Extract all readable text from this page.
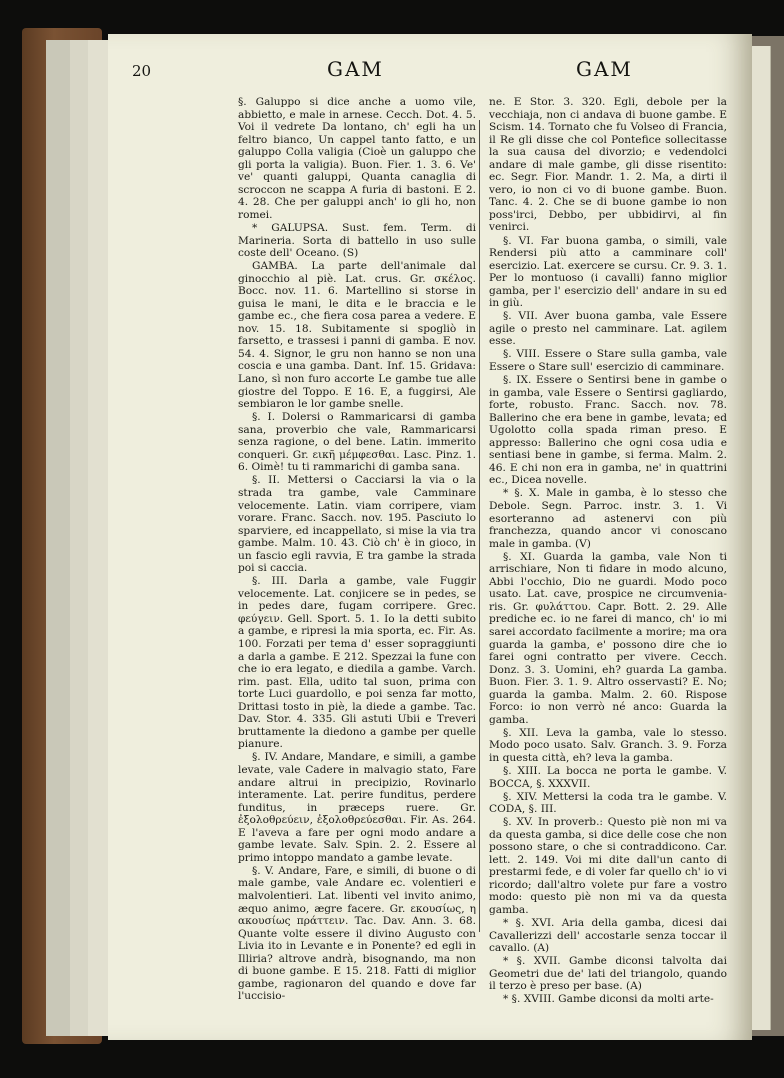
20	GAM	GAM

§. Galuppo si dice anche a uomo vile, abbietto, e male in arnese. Cecch. Dot. 4. 5. Voi il vedrete Da lontano, ch' egli ha un feltro bianco, Un cappel tanto fatto, e un galuppo Colla valigia (Cioè un galuppo che gli porta la valigia). Buon. Fier. 1. 3. 6. Ve' ve' quanti galuppi, Quanta canaglia di scroccon ne scappa A furia di bastoni. E 2. 4. 28. Che per galuppi anch' io gli ho, non romei.

* GALUPSA. Sust. fem. Term. di Marineria. Sorta di battello in uso sulle coste dell' Oceano. (S)

GAMBA. La parte dell'animale dal ginocchio al piè. Lat. crus. Gr. σκέλος. Bocc. nov. 11. 6. Martellino si storse in guisa le mani, le dita e le braccia e le gambe ec., che fiera cosa parea a vedere. E nov. 15. 18. Subitamente si spogliò in farsetto, e trassesi i panni di gamba. E nov. 54. 4. Signor, le gru non hanno se non una coscia e una gamba. Dant. Inf. 15. Gridava: Lano, sì non furo accorte Le gambe tue alle giostre del Toppo. E 16. E, a fuggirsi, Ale sembiaron le lor gambe snelle.

§. I. Dolersi o Rammaricarsi di gamba sana, proverbio che vale, Rammaricarsi senza ragione, o del bene. Latin. immerito conqueri. Gr. εικῆ μέμφεσθαι. Lasc. Pinz. 1. 6. Oimè! tu ti rammarichi di gamba sana.

§. II. Mettersi o Cacciarsi la via o la strada tra gambe, vale Camminare velocemente. Latin. viam corripere, viam vorare. Franc. Sacch. nov. 195. Pasciuto lo sparviere, ed incappellato, si mise la via tra gambe. Malm. 10. 43. Ciò ch' è in gioco, in un fascio egli ravvia, E tra gambe la strada poi si caccia.

§. III. Darla a gambe, vale Fuggir velocemente. Lat. conjicere se in pedes, se in pedes dare, fugam corripere. Grec. φεύγειν. Gell. Sport. 5. 1. Io la detti subito a gambe, e ripresi la mia sporta, ec. Fir. As. 100. Forzati per tema d' esser sopraggiunti a darla a gambe. E 212. Spezzai la fune con che io era legato, e diedila a gambe. Varch. rim. past. Ella, udito tal suon, prima con torte Luci guardollo, e poi senza far motto, Drittasi tosto in piè, la diede a gambe. Tac. Dav. Stor. 4. 335. Gli astuti Ubii e Treveri bruttamente la diedono a gambe per quelle pianure.

§. IV. Andare, Mandare, e simili, a gambe levate, vale Cadere in malvagio stato, Fare andare altrui in precipizio, Rovinarlo interamente. Lat. perire funditus, perdere funditus, in præceps ruere. Gr. ἐξολοθρεύειν, ἐξολοθρεύεσθαι. Fir. As. 264. E l'aveva a fare per ogni modo andare a gambe levate. Salv. Spin. 2. 2. Essere al primo intoppo mandato a gambe levate.

§. V. Andare, Fare, e simili, di buone o di male gambe, vale Andare ec. volentieri e malvolentieri. Lat. libenti vel invito animo, æquo animo, ægre facere. Gr. εκουσίως, η ακουσίως πράττειν. Tac. Dav. Ann. 3. 68. Quante volte essere il divino Augusto con Livia ito in Levante e in Ponente? ed egli in Illiria? altrove andrà, bisognando, ma non di buone gambe. E 15. 218. Fatti di miglior gambe, ragionaron del quando e dove far l'uccisio-

ne. E Stor. 3. 320. Egli, debole per la vecchiaja, non ci andava di buone gambe. E Scism. 14. Tornato che fu Volseo di Francia, il Re gli disse che col Pontefice sollecitasse la sua causa del divorzio; e vedendolci andare di male gambe, gli disse risentito: ec. Segr. Fior. Mandr. 1. 2. Ma, a dirti il vero, io non ci vo di buone gambe. Buon. Tanc. 4. 2. Che se di buone gambe io non poss'irci, Debbo, per ubbidirvi, al fin venirci.

§. VI. Far buona gamba, o simili, vale Rendersi più atto a camminare coll' esercizio. Lat. exercere se cursu. Cr. 9. 3. 1. Per lo montuoso (i cavalli) fanno miglior gamba, per l' esercizio dell' andare in su ed in giù.

§. VII. Aver buona gamba, vale Essere agile o presto nel camminare. Lat. agilem esse.

§. VIII. Essere o Stare sulla gamba, vale Essere o Stare sull' esercizio di camminare.

§. IX. Essere o Sentirsi bene in gambe o in gamba, vale Essere o Sentirsi gagliardo, forte, robusto. Franc. Sacch. nov. 78. Ballerino che era bene in gambe, levata; ed Ugolotto colla spada riman preso. E appresso: Ballerino che ogni cosa udia e sentiasi bene in gambe, si ferma. Malm. 2. 46. E chi non era in gamba, ne' in quattrini ec., Dicea novelle.

* §. X. Male in gamba, è lo stesso che Debole. Segn. Parroc. instr. 3. 1. Vi esorteranno ad astenervi con più franchezza, quando ancor vi conoscano male in gamba. (V)

§. XI. Guarda la gamba, vale Non ti arrischiare, Non ti fidare in modo alcuno, Abbi l'occhio, Dio ne guardi. Modo poco usato. Lat. cave, prospice ne circumvenia-ris. Gr. φυλάττου. Capr. Bott. 2. 29. Alle prediche ec. io ne farei di manco, ch' io mi sarei accordato facilmente a morire; ma ora guarda la gamba, e' possono dire che io farei ogni contratto per vivere. Cecch. Donz. 3. 3. Uomini, eh? guarda La gamba. Buon. Fier. 3. 1. 9. Altro osservasti? E. No; guarda la gamba. Malm. 2. 60. Rispose Forco: io non verrò né anco: Guarda la gamba.

§. XII. Leva la gamba, vale lo stesso. Modo poco usato. Salv. Granch. 3. 9. Forza in questa città, eh? leva la gamba.

§. XIII. La bocca ne porta le gambe. V. BOCCA, §. XXXVII.

§. XIV. Mettersi la coda tra le gambe. V. CODA, §. III.

§. XV. In proverb.: Questo piè non mi va da questa gamba, si dice delle cose che non possono stare, o che si contraddicono. Car. lett. 2. 149. Voi mi dite dall'un canto di prestarmi fede, e di voler far quello ch' io vi ricordo; dall'altro volete pur fare a vostro modo: questo piè non mi va da questa gamba.

* §. XVI. Aria della gamba, dicesi dai Cavallerizzi dell' accostarle senza toccar il cavallo. (A)

* §. XVII. Gambe diconsi talvolta dai Geometri due de' lati del triangolo, quando il terzo è preso per base. (A)

* §. XVIII. Gambe diconsi da molti arte-
